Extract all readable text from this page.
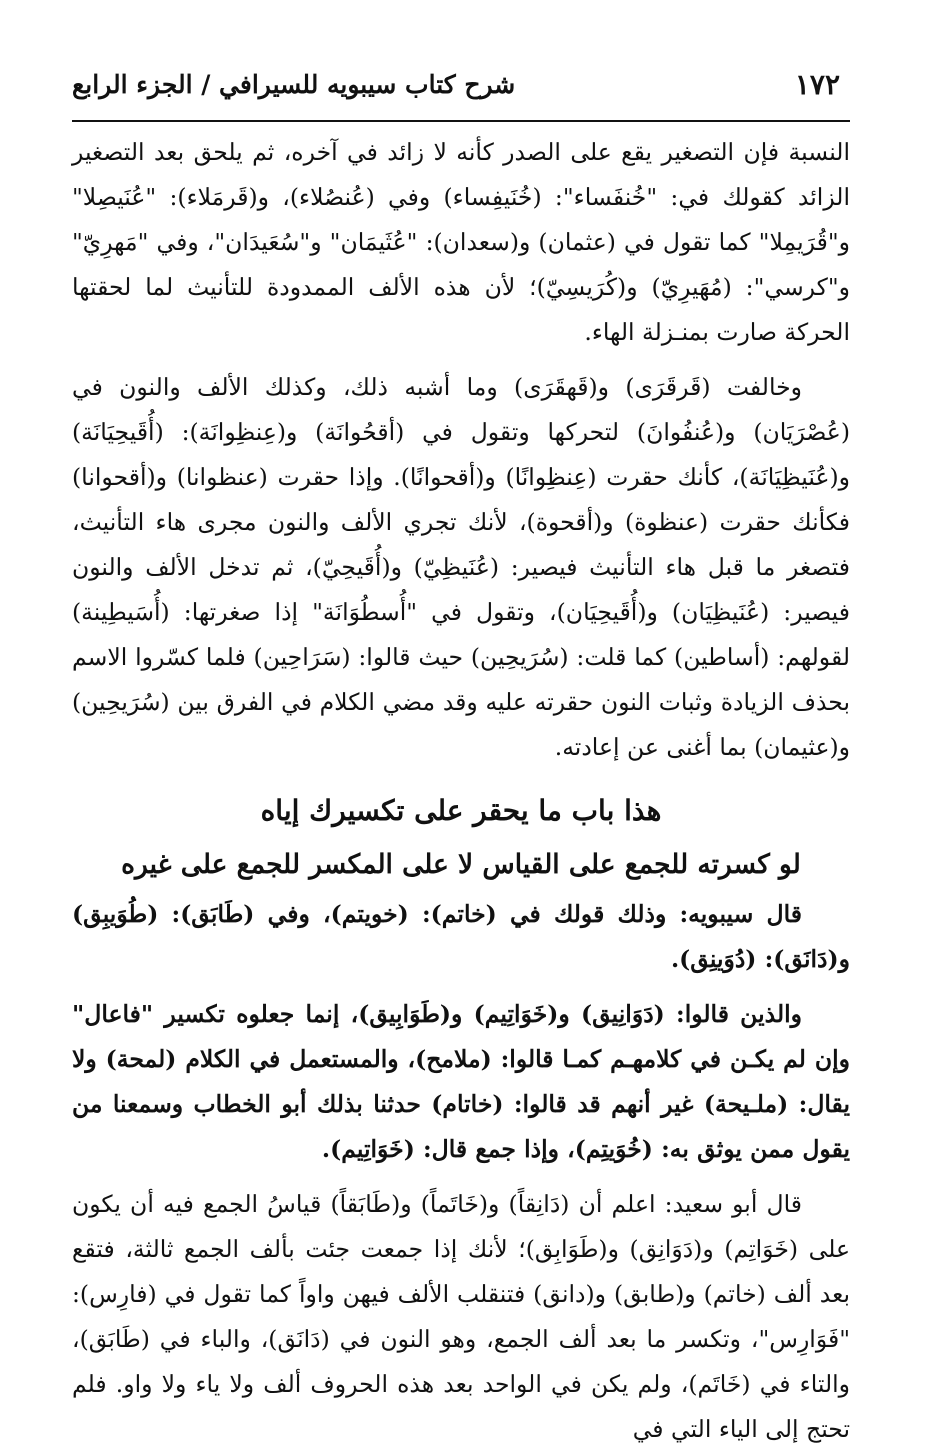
١٧٢
شرح كتاب سيبويه للسيرافي / الجزء الرابع

النسبة فإن التصغير يقع على الصدر كأنه لا زائد في آخره، ثم يلحق بعد التصغير الزائد كقولك في: "خُنفَساء": (خُنَيفِساء) وفي (عُنصُلاء)، و(قَرمَلاء): "عُنَيصِلا" و"قُرَيمِلا" كما تقول في (عثمان) و(سعدان): "عُثَيمَان" و"سُعَيدَان"، وفي "مَهرِيّ" و"كرسي": (مُهَيرِيّ) و(كُرَيسِيّ)؛ لأن هذه الألف الممدودة للتأنيث لما لحقتها الحركة صارت بمنـزلة الهاء.

وخالفت (قَرقَرَى) و(قَهقَرَى) وما أشبه ذلك، وكذلك الألف والنون في (عُصْرَيَان) و(عُنفُوانَ) لتحركها وتقول في (أقحُوانَة) و(عِنظِوانَة): (أُقَيحِيَانَة) و(عُنَيظِيَانَة)، كأنك حقرت (عِنظِوانًا) و(أقحوانًا). وإذا حقرت (عنظوانا) و(أقحوانا) فكأنك حقرت (عنظوة) و(أقحوة)، لأنك تجري الألف والنون مجرى هاء التأنيث، فتصغر ما قبل هاء التأنيث فيصير: (عُنَيظِيّ) و(أُقَيحِيّ)، ثم تدخل الألف والنون فيصير: (عُنَيظِيَان) و(أُقَيحِيَان)، وتقول في "أُسطُوَانَة" إذا صغرتها: (أُسَيطِينة) لقولهم: (أساطين) كما قلت: (سُرَيحِين) حيث قالوا: (سَرَاحِين) فلما كسّروا الاسم بحذف الزيادة وثبات النون حقرته عليه وقد مضي الكلام في الفرق بين (سُرَيحِين) و(عثيمان) بما أغنى عن إعادته.

هذا باب ما يحقر على تكسيرك إياه
لو كسرته للجمع على القياس لا على المكسر للجمع على غيره

قال سيبويه: وذلك قولك في (خاتم): (خويتم)، وفي (طَابَق): (طُوَيبِق) و(دَانَق): (دُوَينِق).

والذين قالوا: (دَوَانِيق) و(خَوَاتِيم) و(طَوَابِيق)، إنما جعلوه تكسير "فاعال" وإن لم يكـن في كلامهـم كمـا قالوا: (ملامح)، والمستعمل في الكلام (لمحة) ولا يقال: (ملـيحة) غير أنهم قد قالوا: (خاتام) حدثنا بذلك أبو الخطاب وسمعنا من يقول ممن يوثق به: (خُوَيتِم)، وإذا جمع قال: (خَوَاتِيم).

قال أبو سعيد: اعلم أن (دَانِقاً) و(خَاتَماً) و(طَابَقاً) قياسُ الجمع فيه أن يكون على (خَوَاتِم) و(دَوَانِق) و(طَوَابِق)؛ لأنك إذا جمعت جئت بألف الجمع ثالثة، فتقع بعد ألف (خاتم) و(طابق) و(دانق) فتنقلب الألف فيهن واواً كما تقول في (فارِس): "فَوَارِس"، وتكسر ما بعد ألف الجمع، وهو النون في (دَانَق)، والباء في (طَابَق)، والتاء في (خَاتَم)، ولم يكن في الواحد بعد هذه الحروف ألف ولا ياء ولا واو. فلم تحتج إلى الياء التي في
